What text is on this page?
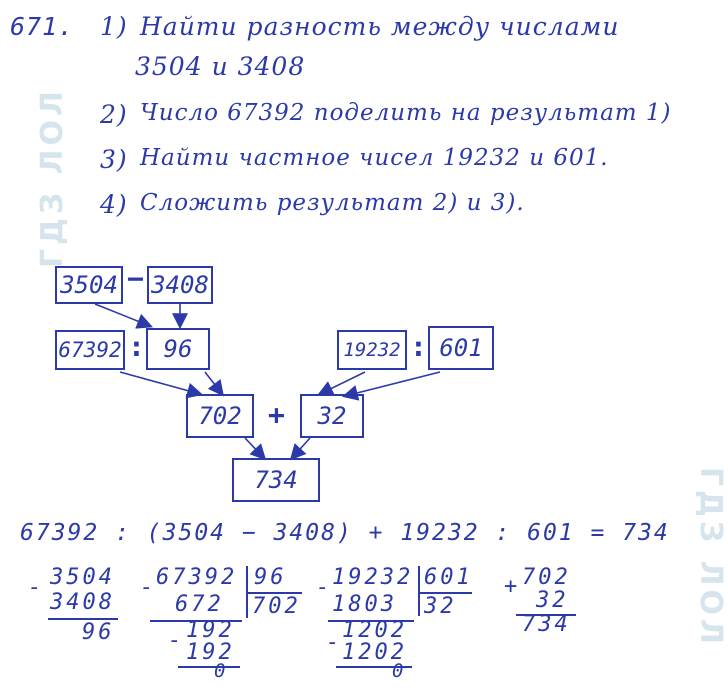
ГДЗ ЛОЛ
ГДЗ ЛОЛ
671. 1) Найти разность между числами
3504 и 3408
2) Число 67392 поделить на результат 1)
3) Найти частное чисел 19232 и 601.
4) Сложить результат 2) и 3).
3504 − 3408
67392 : 96	19232 : 601
702 +	32
734
67392 : (3504 − 3408) + 19232 : 601 = 734
- 3504
3408
96
- 67392 96
702
672
- 192
192
0
- 19232 601
32
1803
- 1202
1202
0
+ 702
32
734
